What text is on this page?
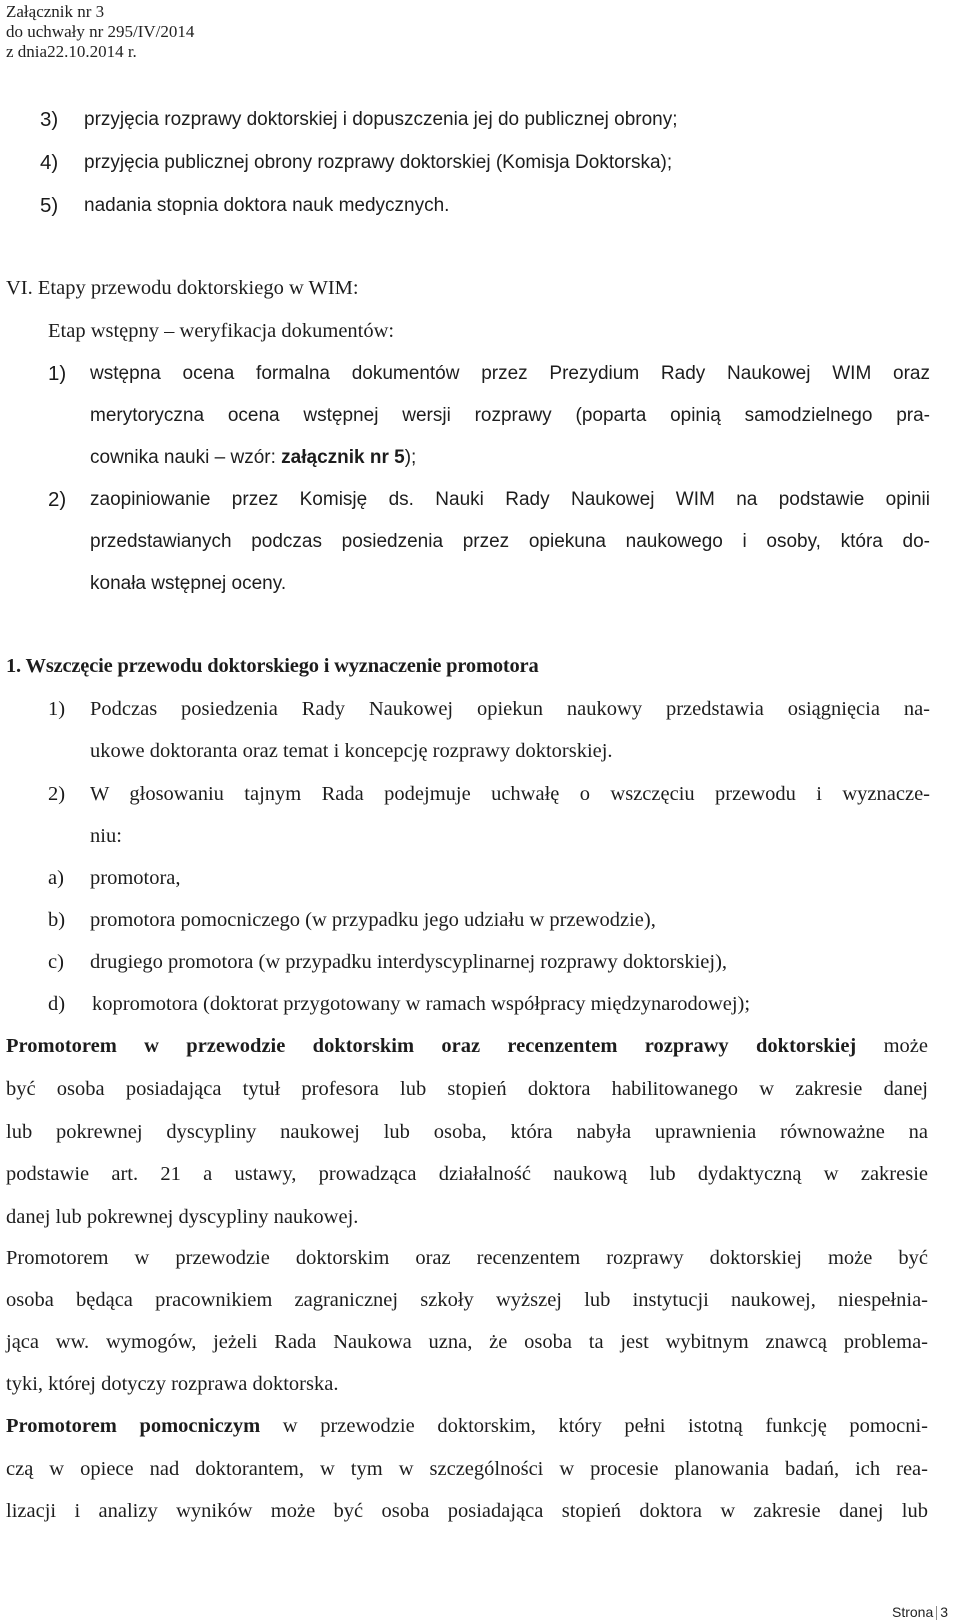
Załącznik nr 3
do uchwały nr 295/IV/2014
z dnia22.10.2014 r.
3) przyjęcia rozprawy doktorskiej i dopuszczenia jej do publicznej obrony;
4) przyjęcia publicznej obrony rozprawy doktorskiej (Komisja Doktorska);
5) nadania stopnia doktora nauk medycznych.
VI. Etapy przewodu doktorskiego w WIM:
Etap wstępny – weryfikacja dokumentów:
1) wstępna ocena formalna dokumentów przez Prezydium Rady Naukowej WIM oraz
merytoryczna ocena wstępnej wersji rozprawy (poparta opinią samodzielnego pra-
cownika nauki – wzór: załącznik nr 5);
2) zaopiniowanie przez Komisję ds. Nauki Rady Naukowej WIM na podstawie opinii
przedstawianych podczas posiedzenia przez opiekuna naukowego i osoby, która do-
konała wstępnej oceny.
1. Wszczęcie przewodu doktorskiego i wyznaczenie promotora
1) Podczas posiedzenia Rady Naukowej opiekun naukowy przedstawia osiągnięcia na-
ukowe doktoranta oraz temat i koncepcję rozprawy doktorskiej.
2) W głosowaniu tajnym Rada podejmuje uchwałę o wszczęciu przewodu i wyznacze-
niu:
a) promotora,
b) promotora pomocniczego (w przypadku jego udziału w przewodzie),
c) drugiego promotora (w przypadku interdyscyplinarnej rozprawy doktorskiej),
d) kopromotora (doktorat przygotowany w ramach współpracy międzynarodowej);
Promotorem w przewodzie doktorskim oraz recenzentem rozprawy doktorskiej może
być osoba posiadająca tytuł profesora lub stopień doktora habilitowanego w zakresie danej
lub pokrewnej dyscypliny naukowej lub osoba, która nabyła uprawnienia równoważne na
podstawie art. 21 a ustawy, prowadząca działalność naukową lub dydaktyczną w zakresie
danej lub pokrewnej dyscypliny naukowej.
Promotorem w przewodzie doktorskim oraz recenzentem rozprawy doktorskiej może być
osoba będąca pracownikiem zagranicznej szkoły wyższej lub instytucji naukowej, niespełnia-
jąca ww. wymogów, jeżeli Rada Naukowa uzna, że osoba ta jest wybitnym znawcą problema-
tyki, której dotyczy rozprawa doktorska.
Promotorem pomocniczym w przewodzie doktorskim, który pełni istotną funkcję pomocni-
czą w opiece nad doktorantem, w tym w szczególności w procesie planowania badań, ich rea-
lizacji i analizy wyników może być osoba posiadająca stopień doktora w zakresie danej lub
Strona 3
